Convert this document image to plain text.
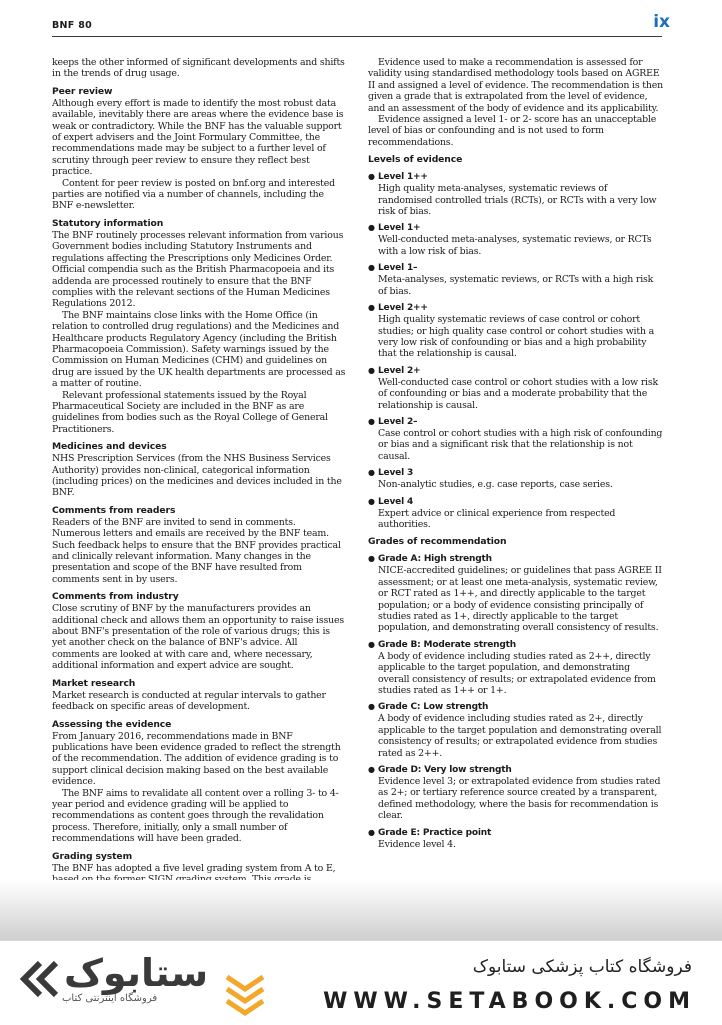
BNF 80	ix

keeps the other informed of significant developments and shifts in the trends of drug usage.

Peer review

Although every effort is made to identify the most robust data available, inevitably there are areas where the evidence base is weak or contradictory. While the BNF has the valuable support of expert advisers and the Joint Formulary Committee, the recommendations made may be subject to a further level of scrutiny through peer review to ensure they reflect best practice.

Content for peer review is posted on bnf.org and interested parties are notified via a number of channels, including the BNF e-newsletter.

Statutory information

The BNF routinely processes relevant information from various Government bodies including Statutory Instruments and regulations affecting the Prescriptions only Medicines Order. Official compendia such as the British Pharmacopoeia and its addenda are processed routinely to ensure that the BNF complies with the relevant sections of the Human Medicines Regulations 2012.

The BNF maintains close links with the Home Office (in relation to controlled drug regulations) and the Medicines and Healthcare products Regulatory Agency (including the British Pharmacopoeia Commission). Safety warnings issued by the Commission on Human Medicines (CHM) and guidelines on drug are issued by the UK health departments are processed as a matter of routine.

Relevant professional statements issued by the Royal Pharmaceutical Society are included in the BNF as are guidelines from bodies such as the Royal College of General Practitioners.

Medicines and devices

NHS Prescription Services (from the NHS Business Services Authority) provides non-clinical, categorical information (including prices) on the medicines and devices included in the BNF.

Comments from readers

Readers of the BNF are invited to send in comments. Numerous letters and emails are received by the BNF team. Such feedback helps to ensure that the BNF provides practical and clinically relevant information. Many changes in the presentation and scope of the BNF have resulted from comments sent in by users.

Comments from industry

Close scrutiny of BNF by the manufacturers provides an additional check and allows them an opportunity to raise issues about BNF's presentation of the role of various drugs; this is yet another check on the balance of BNF's advice. All comments are looked at with care and, where necessary, additional information and expert advice are sought.

Market research

Market research is conducted at regular intervals to gather feedback on specific areas of development.

Assessing the evidence

From January 2016, recommendations made in BNF publications have been evidence graded to reflect the strength of the recommendation. The addition of evidence grading is to support clinical decision making based on the best available evidence.

The BNF aims to revalidate all content over a rolling 3- to 4-year period and evidence grading will be applied to recommendations as content goes through the revalidation process. Therefore, initially, only a small number of recommendations will have been graded.

Grading system

The BNF has adopted a five level grading system from A to E,

Evidence used to make a recommendation is assessed for validity using standardised methodology tools based on AGREE II and assigned a level of evidence. The recommendation is then given a grade that is extrapolated from the level of evidence, and an assessment of the body of evidence and its applicability.

Evidence assigned a level 1- or 2- score has an unacceptable level of bias or confounding and is not used to form recommendations.

Levels of evidence
● Level 1++
High quality meta-analyses, systematic reviews of randomised controlled trials (RCTs), or RCTs with a very low risk of bias.
● Level 1+
Well-conducted meta-analyses, systematic reviews, or RCTs with a low risk of bias.
● Level 1–
Meta-analyses, systematic reviews, or RCTs with a high risk of bias.
● Level 2++
High quality systematic reviews of case control or cohort studies; or high quality case control or cohort studies with a very low risk of confounding or bias and a high probability that the relationship is causal.
● Level 2+
Well-conducted case control or cohort studies with a low risk of confounding or bias and a moderate probability that the relationship is causal.
● Level 2–
Case control or cohort studies with a high risk of confounding or bias and a significant risk that the relationship is not causal.
● Level 3
Non-analytic studies, e.g. case reports, case series.
● Level 4
Expert advice or clinical experience from respected authorities.
Grades of recommendation
● Grade A: High strength
NICE-accredited guidelines; or guidelines that pass AGREE II assessment; or at least one meta-analysis, systematic review, or RCT rated as 1++, and directly applicable to the target population; or a body of evidence consisting principally of studies rated as 1+, directly applicable to the target population, and demonstrating overall consistency of results.
● Grade B: Moderate strength
A body of evidence including studies rated as 2++, directly applicable to the target population, and demonstrating overall consistency of results; or extrapolated evidence from studies rated as 1++ or 1+.
● Grade C: Low strength
A body of evidence including studies rated as 2+, directly applicable to the target population and demonstrating overall consistency of results; or extrapolated evidence from studies rated as 2++.
● Grade D: Very low strength
Evidence level 3; or extrapolated evidence from studies rated as 2+; or tertiary reference source created by a transparent, defined methodology, where the basis for recommendation is clear.
● Grade E: Practice point
Evidence level 4.
ستابوک
فروشگاه اینترنتی کتاب
فروشگاه کتاب پزشکی ستابوک
WWW.SETABOOK.COM
